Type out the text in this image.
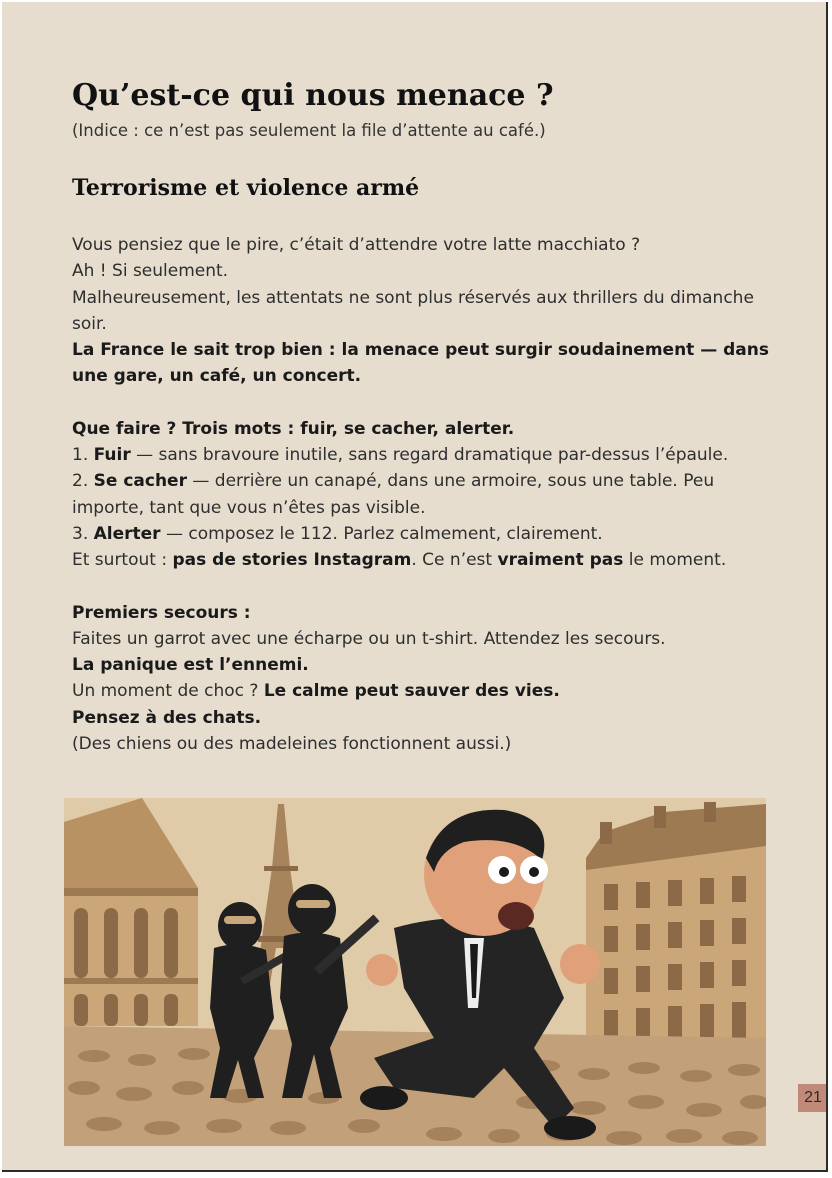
Qu’est-ce qui nous menace ?

(Indice : ce n’est pas seulement la file d’attente au café.)

Terrorisme et violence armé

Vous pensiez que le pire, c’était d’attendre votre latte macchiato ?

Ah ! Si seulement.

Malheureusement, les attentats ne sont plus réservés aux thrillers du dimanche soir.

La France le sait trop bien : la menace peut surgir soudainement — dans une gare, un café, un concert.

Que faire ? Trois mots : fuir, se cacher, alerter.

1. Fuir — sans bravoure inutile, sans regard dramatique par-dessus l’épaule.

2. Se cacher — derrière un canapé, dans une armoire, sous une table. Peu importe, tant que vous n’êtes pas visible.

3. Alerter — composez le 112. Parlez calmement, clairement.

Et surtout : pas de stories Instagram. Ce n’est vraiment pas le moment.

Premiers secours :

Faites un garrot avec une écharpe ou un t-shirt. Attendez les secours.

La panique est l’ennemi.

Un moment de choc ? Le calme peut sauver des vies.

Pensez à des chats.

(Des chiens ou des madeleines fonctionnent aussi.)

21
